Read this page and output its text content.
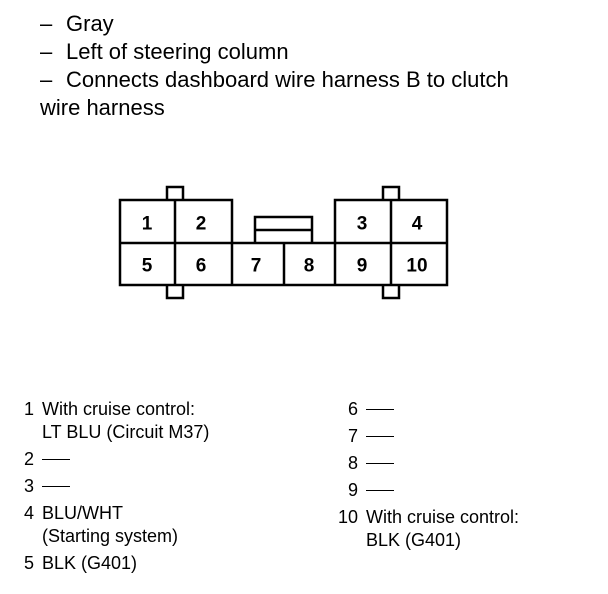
– Gray
– Left of steering column
– Connects dashboard wire harness B to clutch
wire harness
1 2	3 4
5 6 7 8 9 10
1 With cruise control:
LT BLU (Circuit M37)
2
3
4 BLU/WHT
(Starting system)
5 BLK (G401)
6
7
8
9
10 With cruise control:
BLK (G401)
